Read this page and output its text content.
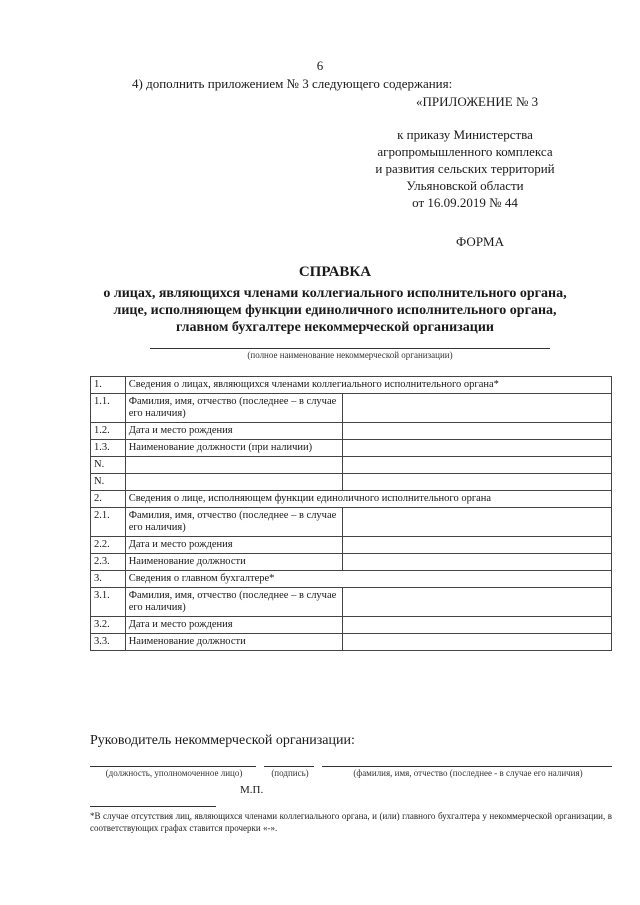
6
4) дополнить приложением № 3 следующего содержания:
«ПРИЛОЖЕНИЕ № 3
к приказу Министерства
агропромышленного комплекса
и развития сельских территорий
Ульяновской области
от 16.09.2019 № 44
ФОРМА
СПРАВКА
о лицах, являющихся членами коллегиального исполнительного органа,
лице, исполняющем функции единоличного исполнительного органа,
главном бухгалтере некоммерческой организации
(полное наименование некоммерческой организации)
1.	Сведения о лицах, являющихся членами коллегиального исполнительного органа*	
1.1.	Фамилия, имя, отчество (последнее – в случае его наличия)	
1.2.	Дата и место рождения	
1.3.	Наименование должности (при наличии)	
N.		
N.		
2.	Сведения о лице, исполняющем функции единоличного исполнительного органа	
2.1.	Фамилия, имя, отчество (последнее – в случае его наличия)	
2.2.	Дата и место рождения	
2.3.	Наименование должности	
3.	Сведения о главном бухгалтере*	
3.1.	Фамилия, имя, отчество (последнее – в случае его наличия)	
3.2.	Дата и место рождения	
3.3.	Наименование должности	
Руководитель некоммерческой организации:
(должность, уполномоченное лицо)	(подпись)	(фамилия, имя, отчество (последнее - в случае его наличия)
М.П.
*В случае отсутствия лиц, являющихся членами коллегиального органа, и (или) главного бухгалтера у некоммерческой организации, в соответствующих графах ставится прочерки «-».
